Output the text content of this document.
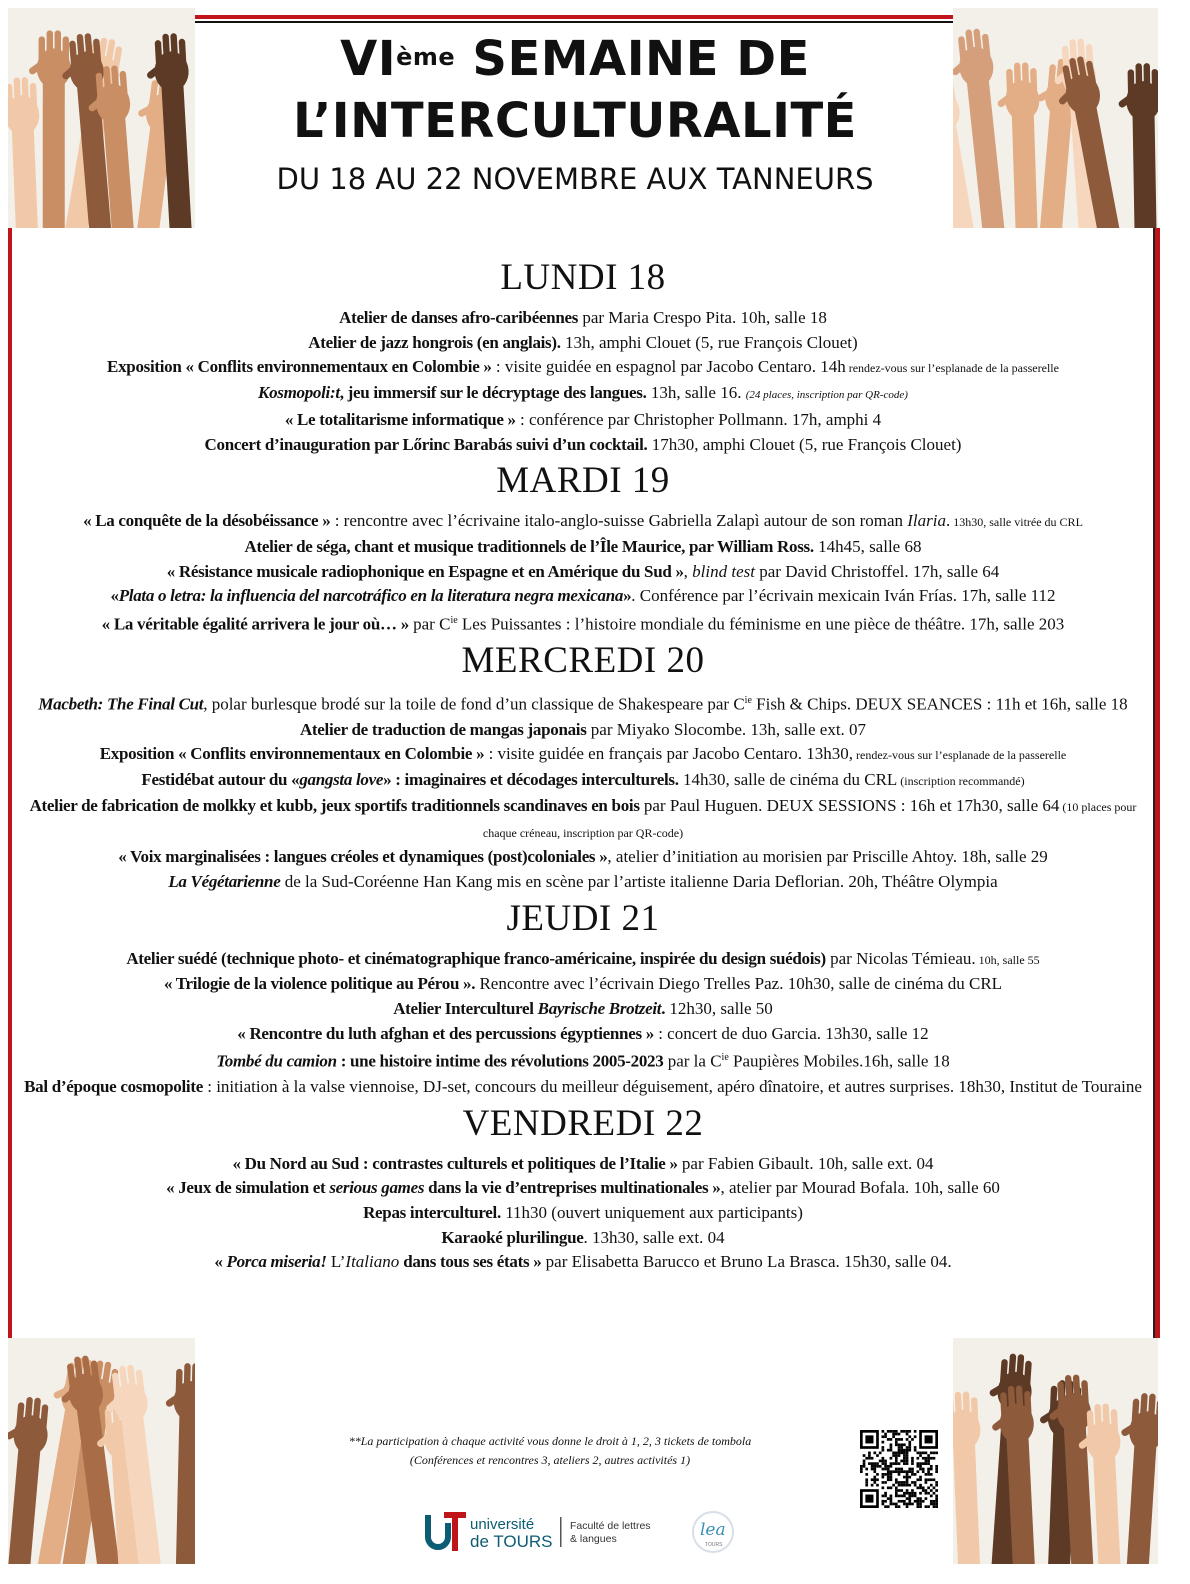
VIème SEMAINE DE
L’INTERCULTURALITÉ
DU 18 AU 22 NOVEMBRE AUX TANNEURS
LUNDI 18

Atelier de danses afro-caribéennes par Maria Crespo Pita. 10h, salle 18

Atelier de jazz hongrois (en anglais). 13h, amphi Clouet (5, rue François Clouet)

Exposition « Conflits environnementaux en Colombie » : visite guidée en espagnol par Jacobo Centaro. 14h rendez-vous sur l’esplanade de la passerelle

Kosmopoli:t, jeu immersif sur le décryptage des langues. 13h, salle 16. (24 places, inscription par QR-code)

« Le totalitarisme informatique » : conférence par Christopher Pollmann. 17h, amphi 4

Concert d’inauguration par Lőrinc Barabás suivi d’un cocktail. 17h30, amphi Clouet (5, rue François Clouet)

MARDI 19

« La conquête de la désobéissance » : rencontre avec l’écrivaine italo-anglo-suisse Gabriella Zalapì autour de son roman Ilaria. 13h30, salle vitrée du CRL

Atelier de séga, chant et musique traditionnels de l’Île Maurice, par William Ross. 14h45, salle 68

« Résistance musicale radiophonique en Espagne et en Amérique du Sud », blind test par David Christoffel. 17h, salle 64

«Plata o letra: la influencia del narcotráfico en la literatura negra mexicana». Conférence par l’écrivain mexicain Iván Frías. 17h, salle 112

« La véritable égalité arrivera le jour où… » par $C^{ie}$ Les Puissantes : l’histoire mondiale du féminisme en une pièce de théâtre. 17h, salle 203

MERCREDI 20

Macbeth: The Final Cut, polar burlesque brodé sur la toile de fond d’un classique de Shakespeare par $C^{ie}$ Fish & Chips. DEUX SEANCES : 11h et 16h, salle 18

Atelier de traduction de mangas japonais par Miyako Slocombe. 13h, salle ext. 07

Exposition « Conflits environnementaux en Colombie » : visite guidée en français par Jacobo Centaro. 13h30, rendez-vous sur l’esplanade de la passerelle

Festidébat autour du «gangsta love» : imaginaires et décodages interculturels. 14h30, salle de cinéma du CRL (inscription recommandé)

Atelier de fabrication de molkky et kubb, jeux sportifs traditionnels scandinaves en bois par Paul Huguen. DEUX SESSIONS : 16h et 17h30, salle 64 (10 places pour chaque créneau, inscription par QR-code)

« Voix marginalisées : langues créoles et dynamiques (post)coloniales », atelier d’initiation au morisien par Priscille Ahtoy. 18h, salle 29

La Végétarienne de la Sud-Coréenne Han Kang mis en scène par l’artiste italienne Daria Deflorian. 20h, Théâtre Olympia

JEUDI 21

Atelier suédé (technique photo- et cinématographique franco-américaine, inspirée du design suédois) par Nicolas Témieau. 10h, salle 55

« Trilogie de la violence politique au Pérou ». Rencontre avec l’écrivain Diego Trelles Paz. 10h30, salle de cinéma du CRL

Atelier Interculturel Bayrische Brotzeit. 12h30, salle 50

« Rencontre du luth afghan et des percussions égyptiennes » : concert de duo Garcia. 13h30, salle 12

Tombé du camion : une histoire intime des révolutions 2005-2023 par la $C^{ie}$ Paupières Mobiles.16h, salle 18

Bal d’époque cosmopolite : initiation à la valse viennoise, DJ-set, concours du meilleur déguisement, apéro dînatoire, et autres surprises. 18h30, Institut de Touraine

VENDREDI 22

« Du Nord au Sud : contrastes culturels et politiques de l’Italie » par Fabien Gibault. 10h, salle ext. 04

« Jeux de simulation et serious games dans la vie d’entreprises multinationales », atelier par Mourad Bofala. 10h, salle 60

Repas interculturel. 11h30 (ouvert uniquement aux participants)

Karaoké plurilingue. 13h30, salle ext. 04

« Porca miseria! L’Italiano dans tous ses états » par Elisabetta Barucco et Bruno La Brasca. 15h30, salle 04.

**La participation à chaque activité vous donne le droit à 1, 2, 3 tickets de tombola
(Conférences et rencontres 3, ateliers 2, autres activités 1)
université
de TOURS
Faculté de lettres
& langues	lea
TOURS
